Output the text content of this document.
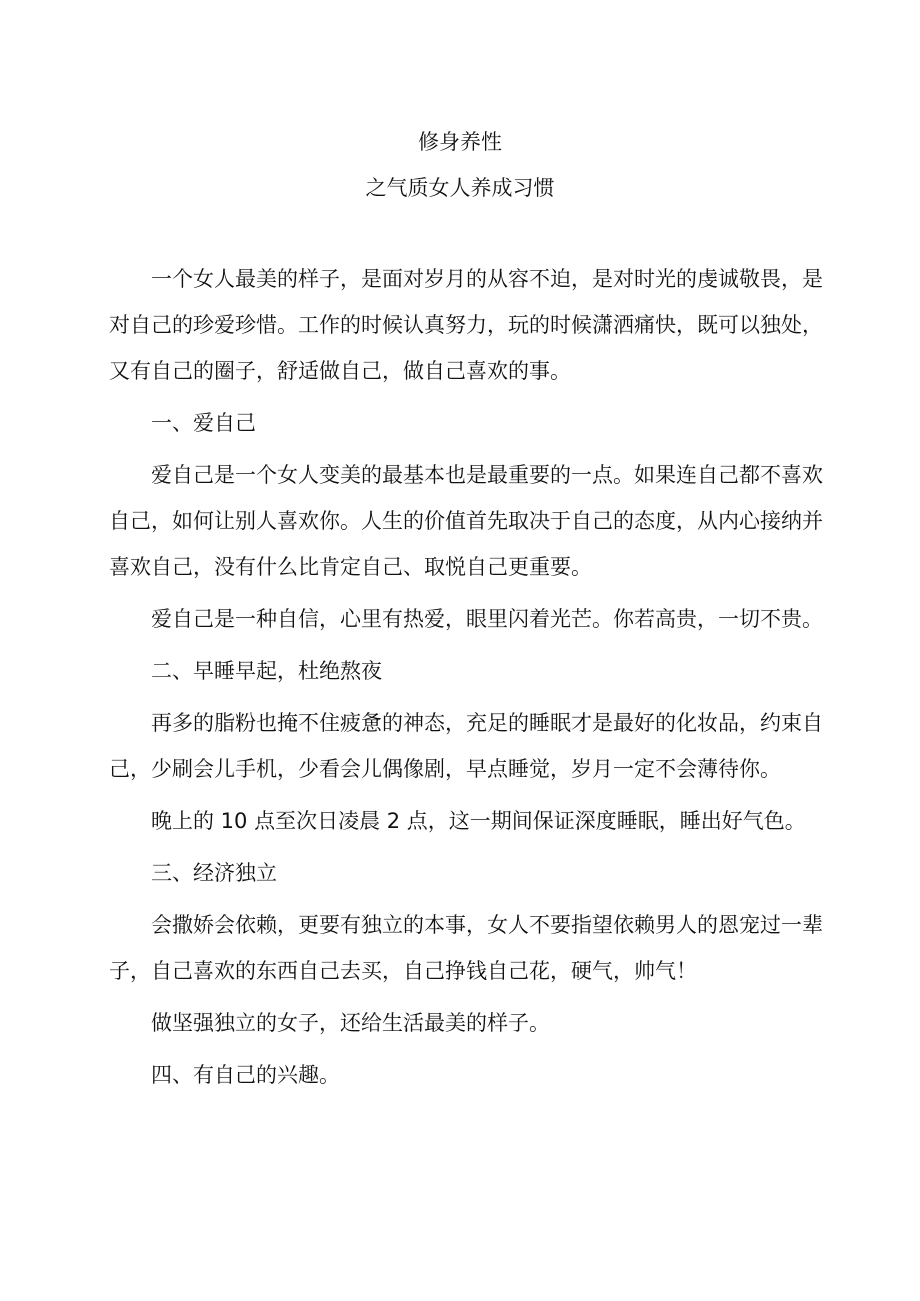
修身养性
之气质女人养成习惯

一个女人最美的样子，是面对岁月的从容不迫，是对时光的虔诚敬畏，是对自己的珍爱珍惜。工作的时候认真努力，玩的时候潇洒痛快，既可以独处，又有自己的圈子，舒适做自己，做自己喜欢的事。

一、爱自己

爱自己是一个女人变美的最基本也是最重要的一点。如果连自己都不喜欢自己，如何让别人喜欢你。人生的价值首先取决于自己的态度，从内心接纳并喜欢自己，没有什么比肯定自己、取悦自己更重要。

爱自己是一种自信，心里有热爱，眼里闪着光芒。你若高贵，一切不贵。

二、早睡早起，杜绝熬夜

再多的脂粉也掩不住疲惫的神态，充足的睡眠才是最好的化妆品，约束自己，少刷会儿手机，少看会儿偶像剧，早点睡觉，岁月一定不会薄待你。

晚上的 10 点至次日凌晨 2 点，这一期间保证深度睡眠，睡出好气色。

三、经济独立

会撒娇会依赖，更要有独立的本事，女人不要指望依赖男人的恩宠过一辈子，自己喜欢的东西自己去买，自己挣钱自己花，硬气，帅气！

做坚强独立的女子，还给生活最美的样子。

四、有自己的兴趣。
